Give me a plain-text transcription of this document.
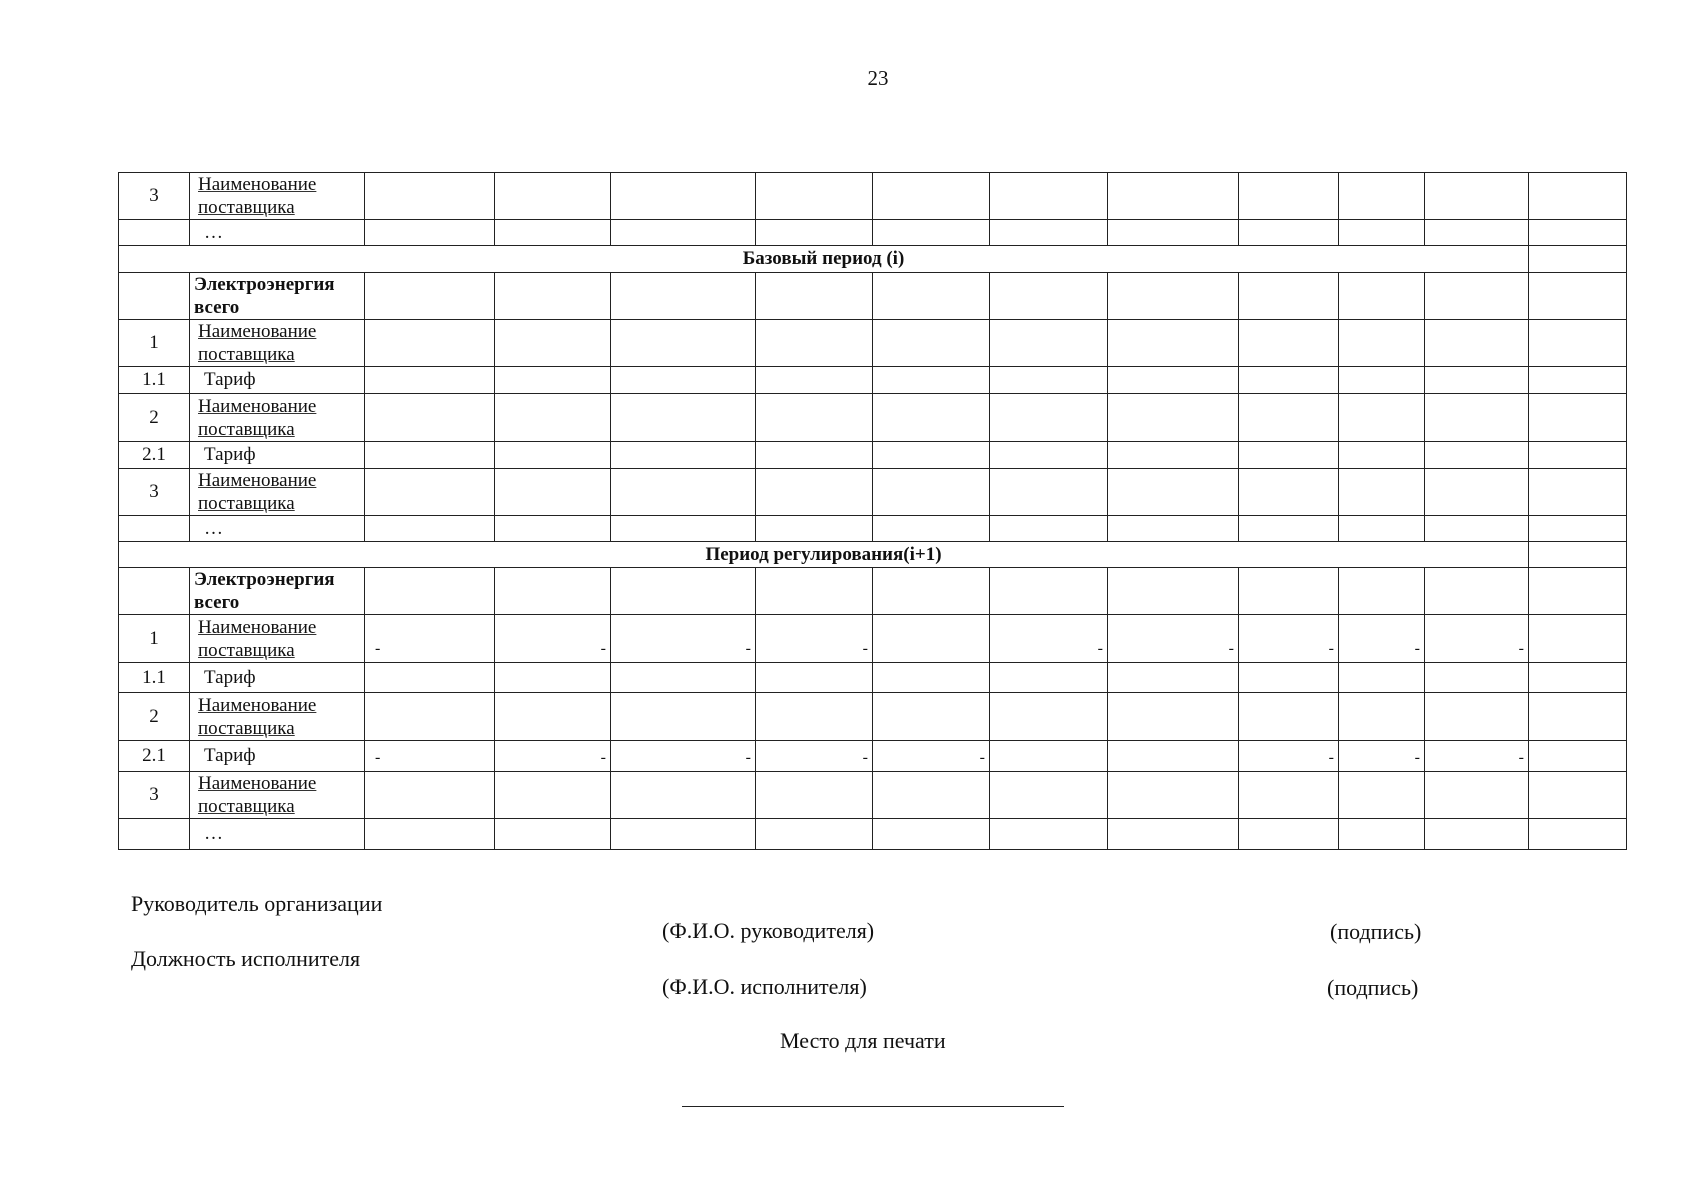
23
3	Наименование
поставщика											
	…											
Базовый период (i)												
	Электроэнергия
всего											
1	Наименование
поставщика											
1.1	Тариф											
2	Наименование
поставщика											
2.1	Тариф											
3	Наименование
поставщика											
	…											
Период регулирования(i+1)												
	Электроэнергия
всего											
1	Наименование
поставщика	-	-	-	-		-	-	-	-	-	
1.1	Тариф											
2	Наименование
поставщика											
2.1	Тариф	-	-	-	-	-			-	-	-	
3	Наименование
поставщика											
	…											
Руководитель организации
(Ф.И.О. руководителя)	(подпись)
Должность исполнителя
(Ф.И.О. исполнителя)	(подпись)
Место для печати
